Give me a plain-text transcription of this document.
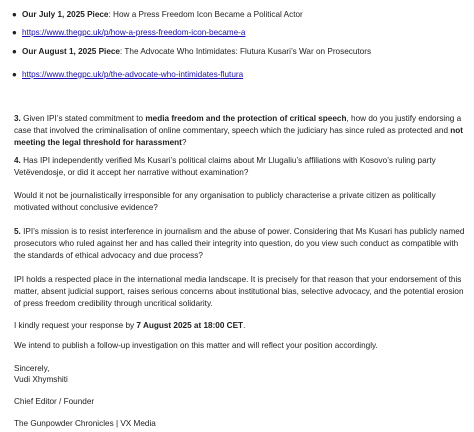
● Our July 1, 2025 Piece: How a Press Freedom Icon Became a Political Actor
● https://www.thegpc.uk/p/how-a-press-freedom-icon-became-a
● Our August 1, 2025 Piece: The Advocate Who Intimidates: Flutura Kusari’s War on Prosecutors
● https://www.thegpc.uk/p/the-advocate-who-intimidates-flutura

3. Given IPI’s stated commitment to media freedom and the protection of critical speech, how do you justify endorsing a case that involved the criminalisation of online commentary, speech which the judiciary has since ruled as protected and not meeting the legal threshold for harassment?

4. Has IPI independently verified Ms Kusari’s political claims about Mr Llugaliu’s affiliations with Kosovo’s ruling party Vetëvendosje, or did it accept her narrative without examination?

Would it not be journalistically irresponsible for any organisation to publicly characterise a private citizen as politically motivated without conclusive evidence?

5. IPI’s mission is to resist interference in journalism and the abuse of power. Considering that Ms Kusari has publicly named prosecutors who ruled against her and has called their integrity into question, do you view such conduct as compatible with the standards of ethical advocacy and due process?

IPI holds a respected place in the international media landscape. It is precisely for that reason that your endorsement of this matter, absent judicial support, raises serious concerns about institutional bias, selective advocacy, and the potential erosion of press freedom credibility through uncritical solidarity.

I kindly request your response by 7 August 2025 at 18:00 CET.

We intend to publish a follow-up investigation on this matter and will reflect your position accordingly.

Sincerely,

Vudi Xhymshiti

Chief Editor / Founder

The Gunpowder Chronicles | VX Media
